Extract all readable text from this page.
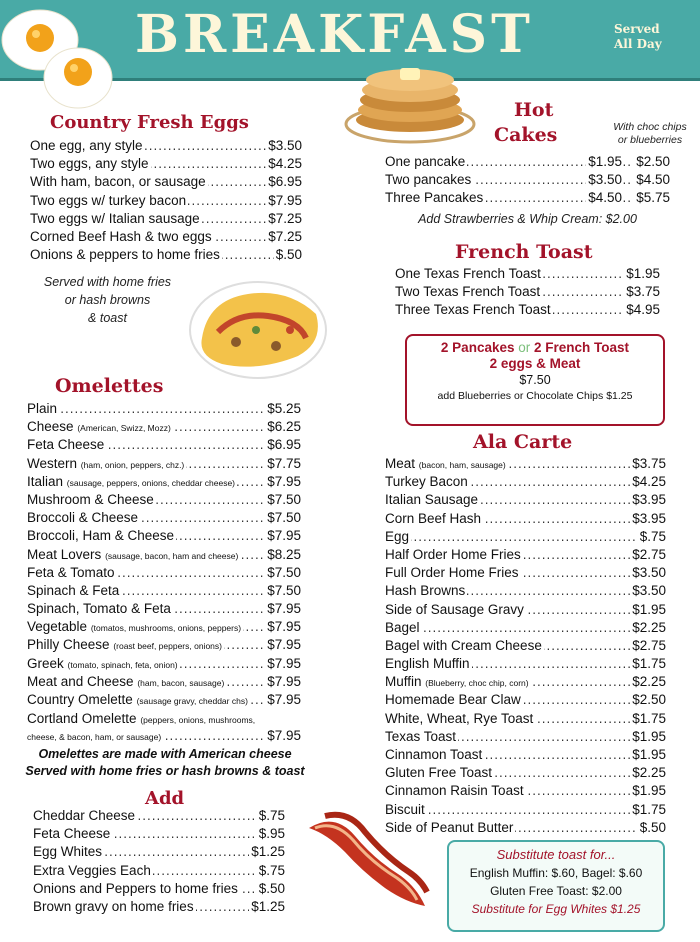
BREAKFAST	Served
All Day
Country Fresh Eggs
.....
One egg, any style	$3.50
.....
Two eggs, any style	$4.25
.....
With ham, bacon, or sausage	$6.95
.....
Two eggs w/ turkey bacon	$7.95
.....
Two eggs w/ Italian sausage	$7.25
.....
Corned Beef Hash & two eggs	$7.25
.....
Onions & peppers to home fries	$.50
Served with home fries
or hash browns
& toast
Omelettes
.....
Plain	$5.25
.....
Cheese (American, Swizz, Mozz)	$6.25
.....
Feta Cheese	$6.95
.....
Western (ham, onion, peppers, chz.)	$7.75
.....
Italian (sausage, peppers, onions, cheddar cheese) $7.95
.....
Mushroom & Cheese	$7.50
.....
Broccoli & Cheese	$7.50
.....
Broccoli, Ham & Cheese	$7.95
.....
Meat Lovers (sausage, bacon, ham and cheese) $8.25
.....
Feta & Tomato	$7.50
.....
Spinach & Feta	$7.50
.....
Spinach, Tomato & Feta	$7.95
.....
Vegetable (tomatos, mushrooms, onions, peppers) $7.95
.....
Philly Cheese (roast beef, peppers, onions)	$7.95
.....
Greek (tomato, spinach, feta, onion)	$7.95
.....
Meat and Cheese (ham, bacon, sausage)	$7.95
.....
Country Omelette (sausage gravy, cheddar chs) $7.95
Cortland Omelette (peppers, onions, mushrooms,
.....
cheese, & bacon, ham, or sausage)	$7.95
Omelettes are made with American cheese
Served with home fries or hash browns & toast
Add
.....
Cheddar Cheese	$.75
.....
Feta Cheese	$.95
.....
Egg Whites	$1.25
.....
Extra Veggies Each	$.75
.....
Onions and Peppers to home fries $.50
.....
Brown gravy on home fries	$1.25
Hot
Cakes	With choc chips
or blueberries
.....
One pancake	$1.95 $2.50
.....
Two pancakes	$3.50 $4.50
.....
Three Pancakes	$4.50 $5.75
Add Strawberries & Whip Cream: $2.00
French Toast
.....
One Texas French Toast	$1.95
.....
Two Texas French Toast	$3.75
.....
Three Texas French Toast	$4.95
2 Pancakes or 2 French Toast
2 eggs & Meat
$7.50
add Blueberries or Chocolate Chips $1.25
Ala Carte
.....
Meat (bacon, ham, sausage)	$3.75
.....
Turkey Bacon	$4.25
.....
Italian Sausage	$3.95
.....
Corn Beef Hash	$3.95
.....
Egg	$.75
.....
Half Order Home Fries	$2.75
.....
Full Order Home Fries	$3.50
.....
Hash Browns	$3.50
.....
Side of Sausage Gravy	$1.95
.....
Bagel	$2.25
.....
Bagel with Cream Cheese	$2.75
.....
English Muffin	$1.75
.....
Muffin (Blueberry, choc chip, corn)	$2.25
.....
Homemade Bear Claw	$2.50
.....
White, Wheat, Rye Toast	$1.75
.....
Texas Toast	$1.95
.....
Cinnamon Toast	$1.95
.....
Gluten Free Toast	$2.25
.....
Cinnamon Raisin Toast	$1.95
.....
Biscuit	$1.75
.....
Side of Peanut Butter	$.50
Substitute toast for...
English Muffin: $.60, Bagel: $.60
Gluten Free Toast: $2.00
Substitute for Egg Whites $1.25
